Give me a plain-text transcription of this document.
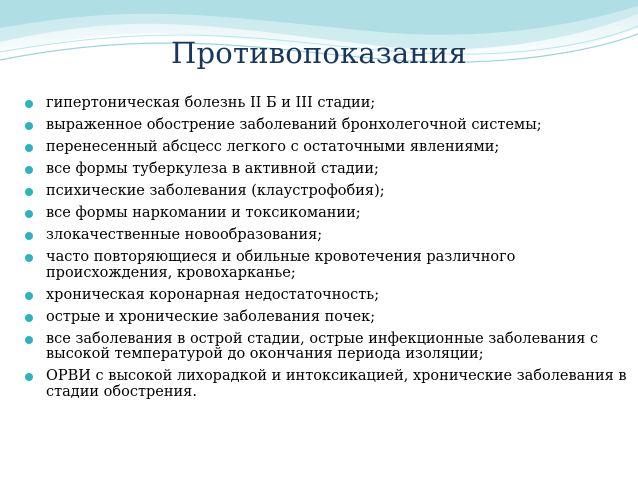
Противопоказания
гипертоническая болезнь II Б и III стадии;
выраженное обострение заболеваний бронхолегочной системы;
перенесенный абсцесс легкого с остаточными явлениями;
все формы туберкулеза в активной стадии;
психические заболевания (клаустрофобия);
все формы наркомании и токсикомании;
злокачественные новообразования;
часто повторяющиеся и обильные кровотечения различного происхождения, кровохарканье;
хроническая коронарная недостаточность;
острые и хронические заболевания почек;
все заболевания в острой стадии, острые инфекционные заболевания с высокой температурой до окончания периода изоляции;
ОРВИ с высокой лихорадкой и интоксикацией, хронические заболевания в стадии обострения.
